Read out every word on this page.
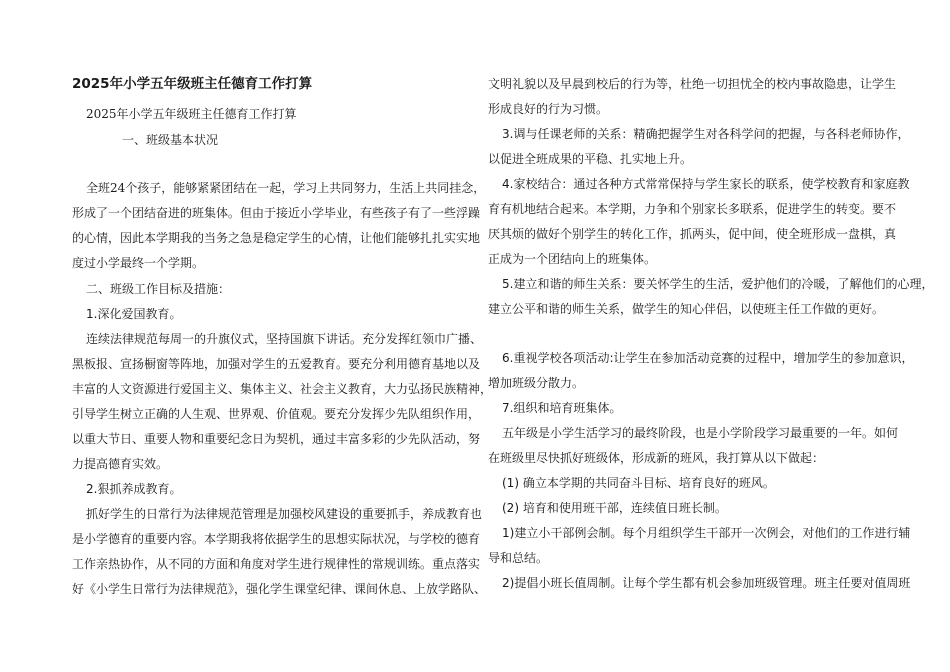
2025年小学五年级班主任德育工作打算
2025年小学五年级班主任德育工作打算
一、班级基本状况
全班24个孩子，能够紧紧团结在一起，学习上共同努力，生活上共同挂念，
形成了一个团结奋进的班集体。但由于接近小学毕业，有些孩子有了一些浮躁
的心情，因此本学期我的当务之急是稳定学生的心情，让他们能够扎扎实实地
度过小学最终一个学期。
二、班级工作目标及措施：
1.深化爱国教育。
连续法律规范每周一的升旗仪式，坚持国旗下讲话。充分发挥红领巾广播、
黑板报、宣扬橱窗等阵地，加强对学生的五爱教育。要充分利用德育基地以及
丰富的人文资源进行爱国主义、集体主义、社会主义教育，大力弘扬民族精神，
引导学生树立正确的人生观、世界观、价值观。要充分发挥少先队组织作用，
以重大节日、重要人物和重要纪念日为契机，通过丰富多彩的少先队活动，努
力提高德育实效。
2.狠抓养成教育。
抓好学生的日常行为法律规范管理是加强校风建设的重要抓手，养成教育也
是小学德育的重要内容。本学期我将依据学生的思想实际状况，与学校的德育
工作亲热协作，从不同的方面和角度对学生进行规律性的常规训练。重点落实
好《小学生日常行为法律规范》，强化学生课堂纪律、课间休息、上放学路队、
文明礼貌以及早晨到校后的行为等，杜绝一切担忧全的校内事故隐患，让学生
形成良好的行为习惯。
3.调与任课老师的关系：精确把握学生对各科学问的把握，与各科老师协作，
以促进全班成果的平稳、扎实地上升。
4.家校结合：通过各种方式常常保持与学生家长的联系，使学校教育和家庭教
育有机地结合起来。本学期，力争和个别家长多联系，促进学生的转变。要不
厌其烦的做好个别学生的转化工作，抓两头，促中间，使全班形成一盘棋，真
正成为一个团结向上的班集体。
5.建立和谐的师生关系：要关怀学生的生活，爱护他们的冷暖，了解他们的心理，
建立公平和谐的师生关系，做学生的知心伴侣，以使班主任工作做的更好。
6.重视学校各项活动:让学生在参加活动竞赛的过程中，增加学生的参加意识，
增加班级分散力。
7.组织和培育班集体。
五年级是小学生活学习的最终阶段，也是小学阶段学习最重要的一年。如何
在班级里尽快抓好班级体，形成新的班风，我打算从以下做起：
(1) 确立本学期的共同奋斗目标、培育良好的班风。
(2) 培育和使用班干部，连续值日班长制。
1)建立小干部例会制。每个月组织学生干部开一次例会，对他们的工作进行辅
导和总结。
2)提倡小班长值周制。让每个学生都有机会参加班级管理。班主任要对值周班
